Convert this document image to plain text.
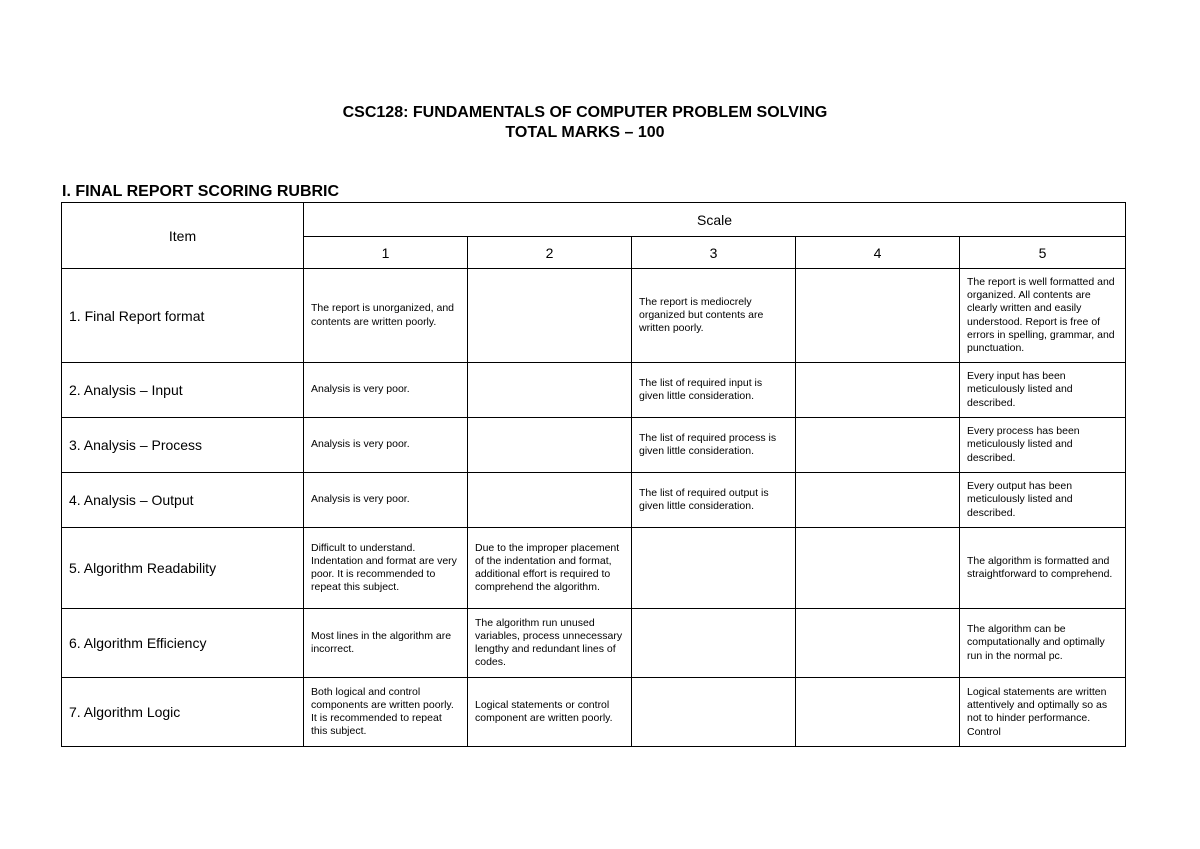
CSC128: FUNDAMENTALS OF COMPUTER PROBLEM SOLVING
TOTAL MARKS – 100
I. FINAL REPORT SCORING RUBRIC
Item	Scale				
	1	2	3	4	5
1. Final Report format	The report is unorganized, and contents are written poorly.		The report is mediocrely organized but contents are written poorly.		The report is well formatted and organized. All contents are clearly written and easily understood. Report is free of errors in spelling, grammar, and punctuation.
2. Analysis – Input	Analysis is very poor.		The list of required input is given little consideration.		Every input has been meticulously listed and described.
3. Analysis – Process	Analysis is very poor.		The list of required process is given little consideration.		Every process has been meticulously listed and described.
4. Analysis – Output	Analysis is very poor.		The list of required output is given little consideration.		Every output has been meticulously listed and described.
5. Algorithm Readability	Difficult to understand. Indentation and format are very poor. It is recommended to repeat this subject.	Due to the improper placement of the indentation and format, additional effort is required to comprehend the algorithm.			The algorithm is formatted and straightforward to comprehend.
6. Algorithm Efficiency	Most lines in the algorithm are incorrect.	The algorithm run unused variables, process unnecessary lengthy and redundant lines of codes.			The algorithm can be computationally and optimally run in the normal pc.
7. Algorithm Logic	Both logical and control components are written poorly. It is recommended to repeat this subject.	Logical statements or control component are written poorly.			Logical statements are written attentively and optimally so as not to hinder performance. Control
